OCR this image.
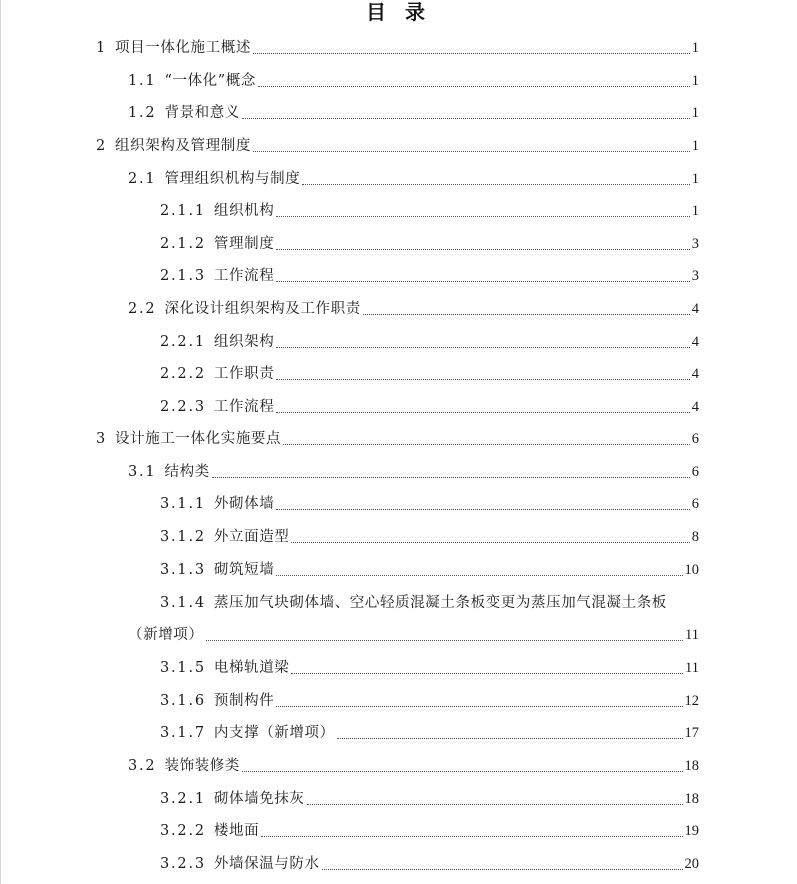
目 录
1 项目一体化施工概述	1
1.1 “一体化”概念	1
1.2 背景和意义	1
2 组织架构及管理制度	1
2.1 管理组织机构与制度	1
2.1.1 组织机构	1
2.1.2 管理制度	3
2.1.3 工作流程	3
2.2 深化设计组织架构及工作职责	4
2.2.1 组织架构	4
2.2.2 工作职责	4
2.2.3 工作流程	4
3 设计施工一体化实施要点	6
3.1 结构类	6
3.1.1 外砌体墙	6
3.1.2 外立面造型	8
3.1.3 砌筑短墙	10
3.1.4 蒸压加气块砌体墙、空心轻质混凝土条板变更为蒸压加气混凝土条板
（新增项）	11
3.1.5 电梯轨道梁	11
3.1.6 预制构件	12
3.1.7 内支撑（新增项）	17
3.2 装饰装修类	18
3.2.1 砌体墙免抹灰	18
3.2.2 楼地面	19
3.2.3 外墙保温与防水	20
